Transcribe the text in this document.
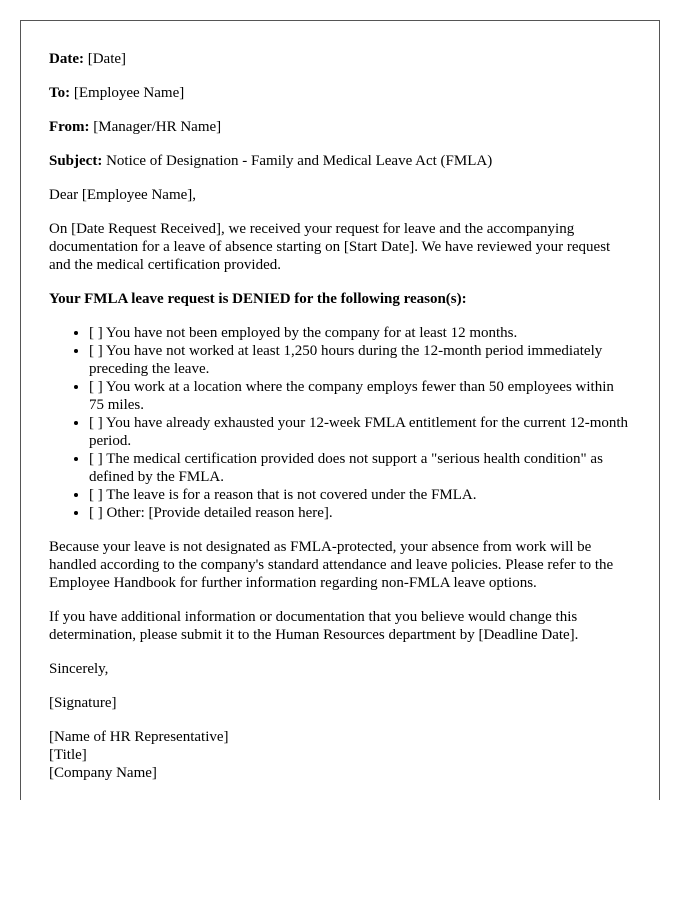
Date: [Date]

To: [Employee Name]

From: [Manager/HR Name]

Subject: Notice of Designation - Family and Medical Leave Act (FMLA)

Dear [Employee Name],

On [Date Request Received], we received your request for leave and the accompanying documentation for a leave of absence starting on [Start Date]. We have reviewed your request and the medical certification provided.

Your FMLA leave request is DENIED for the following reason(s):

• [ ] You have not been employed by the company for at least 12 months.
• [ ] You have not worked at least 1,250 hours during the 12-month period immediately preceding the leave.
• [ ] You work at a location where the company employs fewer than 50 employees within 75 miles.
• [ ] You have already exhausted your 12-week FMLA entitlement for the current 12-month period.
• [ ] The medical certification provided does not support a "serious health condition" as defined by the FMLA.
• [ ] The leave is for a reason that is not covered under the FMLA.
• [ ] Other: [Provide detailed reason here].

Because your leave is not designated as FMLA-protected, your absence from work will be handled according to the company's standard attendance and leave policies. Please refer to the Employee Handbook for further information regarding non-FMLA leave options.

If you have additional information or documentation that you believe would change this determination, please submit it to the Human Resources department by [Deadline Date].

Sincerely,

[Signature]

[Name of HR Representative]
[Title]
[Company Name]
